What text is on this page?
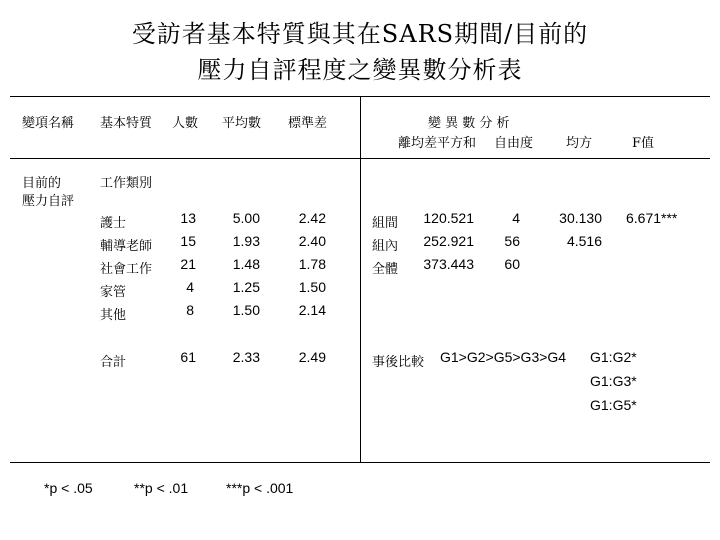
受訪者基本特質與其在SARS期間/目前的
壓力自評程度之變異數分析表
變項名稱 基本特質 人數 平均數 標準差	變 異 數 分 析
離均差平方和 自由度	均方	F值
目前的
壓力自評
工作類別
護士	13	5.00	2.42
輔導老師	15	1.93	2.40
社會工作	21	1.48	1.78
家管	4	1.25	1.50
其他	8	1.50	2.14
合計	61	2.33	2.49
組間	120.521	4	30.130 6.671***
組內	252.921	56	4.516
全體	373.443	60
事後比較 G1>G2>G5>G3>G4 G1:G2*
G1:G3*
G1:G5*
*p < .05	**p < .01	***p < .001
